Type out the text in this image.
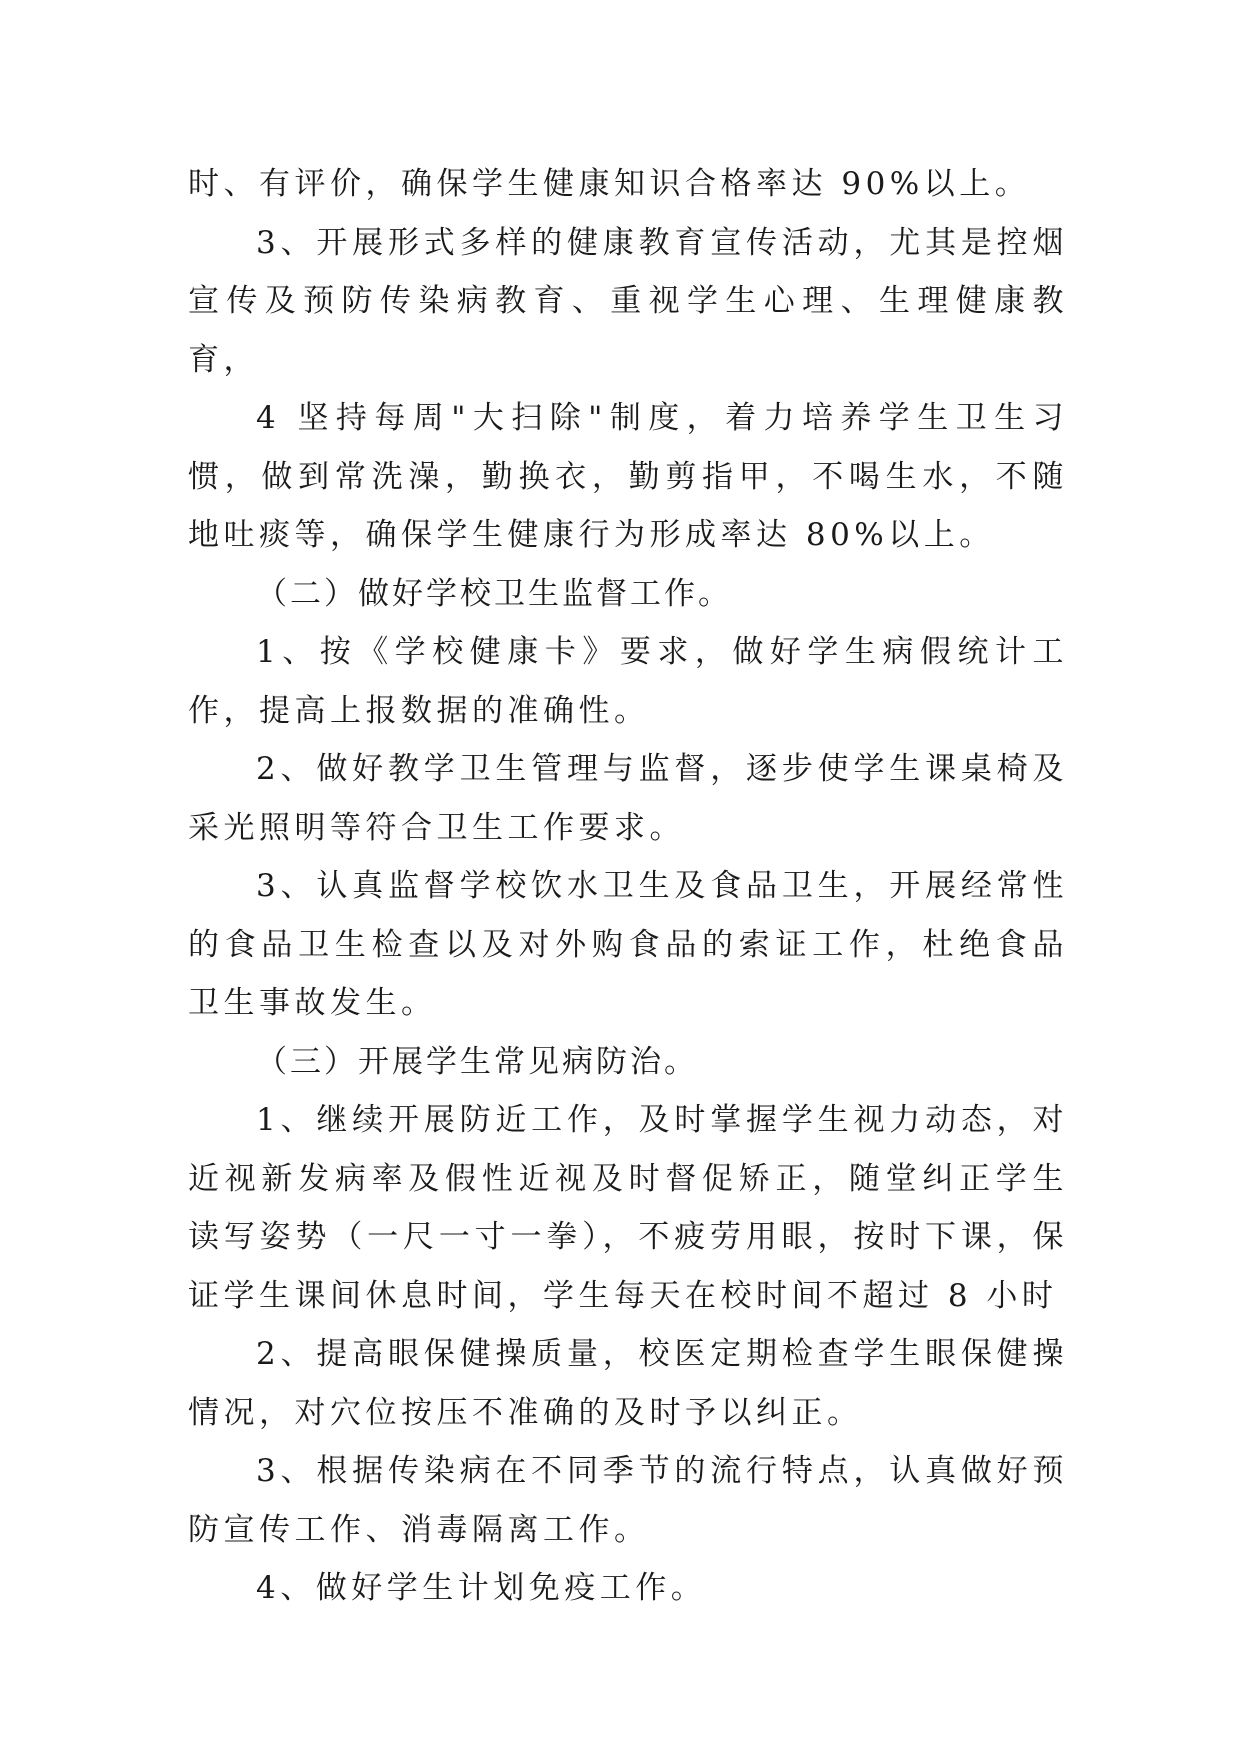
时、有评价，确保学生健康知识合格率达 90%以上。

3、开展形式多样的健康教育宣传活动，尤其是控烟宣传及预防传染病教育、重视学生心理、生理健康教育，

4 坚持每周"大扫除"制度，着力培养学生卫生习惯，做到常洗澡，勤换衣，勤剪指甲，不喝生水，不随地吐痰等，确保学生健康行为形成率达 80%以上。

（二）做好学校卫生监督工作。

1、按《学校健康卡》要求，做好学生病假统计工作，提高上报数据的准确性。

2、做好教学卫生管理与监督，逐步使学生课桌椅及采光照明等符合卫生工作要求。

3、认真监督学校饮水卫生及食品卫生，开展经常性的食品卫生检查以及对外购食品的索证工作，杜绝食品卫生事故发生。

（三）开展学生常见病防治。

1、继续开展防近工作，及时掌握学生视力动态，对近视新发病率及假性近视及时督促矫正，随堂纠正学生读写姿势（一尺一寸一拳），不疲劳用眼，按时下课，保证学生课间休息时间，学生每天在校时间不超过 8 小时

2、提高眼保健操质量，校医定期检查学生眼保健操情况，对穴位按压不准确的及时予以纠正。

3、根据传染病在不同季节的流行特点，认真做好预防宣传工作、消毒隔离工作。

4、做好学生计划免疫工作。
